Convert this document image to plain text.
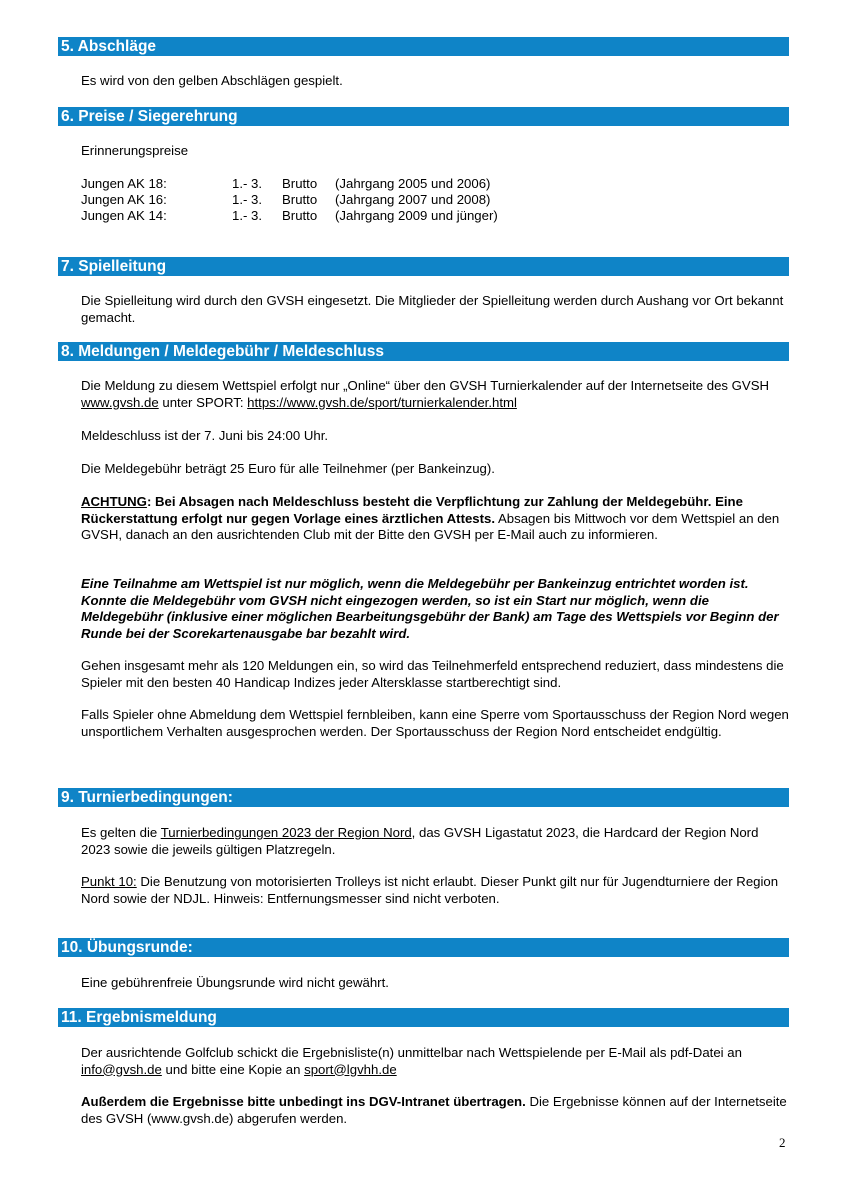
5. Abschläge
Es wird von den gelben Abschlägen gespielt.
6. Preise / Siegerehrung
Erinnerungspreise
Jungen AK 18:	1.- 3. Brutto (Jahrgang 2005 und 2006)
Jungen AK 16:	1.- 3. Brutto (Jahrgang 2007 und 2008)
Jungen AK 14:	1.- 3. Brutto (Jahrgang 2009 und jünger)
7. Spielleitung
Die Spielleitung wird durch den GVSH eingesetzt. Die Mitglieder der Spielleitung werden durch Aushang vor Ort bekannt gemacht.
8. Meldungen / Meldegebühr / Meldeschluss
Die Meldung zu diesem Wettspiel erfolgt nur „Online“ über den GVSH Turnierkalender auf der Internetseite des GVSH www.gvsh.de unter SPORT: https://www.gvsh.de/sport/turnierkalender.html
Meldeschluss ist der 7. Juni bis 24:00 Uhr.
Die Meldegebühr beträgt 25 Euro für alle Teilnehmer (per Bankeinzug).
ACHTUNG: Bei Absagen nach Meldeschluss besteht die Verpflichtung zur Zahlung der Meldegebühr. Eine Rückerstattung erfolgt nur gegen Vorlage eines ärztlichen Attests. Absagen bis Mittwoch vor dem Wettspiel an den GVSH, danach an den ausrichtenden Club mit der Bitte den GVSH per E-Mail auch zu informieren.
Eine Teilnahme am Wettspiel ist nur möglich, wenn die Meldegebühr per Bankeinzug entrichtet worden ist. Konnte die Meldegebühr vom GVSH nicht eingezogen werden, so ist ein Start nur möglich, wenn die Meldegebühr (inklusive einer möglichen Bearbeitungsgebühr der Bank) am Tage des Wettspiels vor Beginn der Runde bei der Scorekartenausgabe bar bezahlt wird.
Gehen insgesamt mehr als 120 Meldungen ein, so wird das Teilnehmerfeld entsprechend reduziert, dass mindestens die Spieler mit den besten 40 Handicap Indizes jeder Altersklasse startberechtigt sind.
Falls Spieler ohne Abmeldung dem Wettspiel fernbleiben, kann eine Sperre vom Sportausschuss der Region Nord wegen unsportlichem Verhalten ausgesprochen werden. Der Sportausschuss der Region Nord entscheidet endgültig.
9. Turnierbedingungen:
Es gelten die Turnierbedingungen 2023 der Region Nord, das GVSH Ligastatut 2023, die Hardcard der Region Nord 2023 sowie die jeweils gültigen Platzregeln.
Punkt 10: Die Benutzung von motorisierten Trolleys ist nicht erlaubt. Dieser Punkt gilt nur für Jugendturniere der Region Nord sowie der NDJL. Hinweis: Entfernungsmesser sind nicht verboten.
10. Übungsrunde:
Eine gebührenfreie Übungsrunde wird nicht gewährt.
11. Ergebnismeldung
Der ausrichtende Golfclub schickt die Ergebnisliste(n) unmittelbar nach Wettspielende per E-Mail als pdf-Datei an info@gvsh.de und bitte eine Kopie an sport@lgvhh.de
Außerdem die Ergebnisse bitte unbedingt ins DGV-Intranet übertragen. Die Ergebnisse können auf der Internetseite des GVSH (www.gvsh.de) abgerufen werden.
2
